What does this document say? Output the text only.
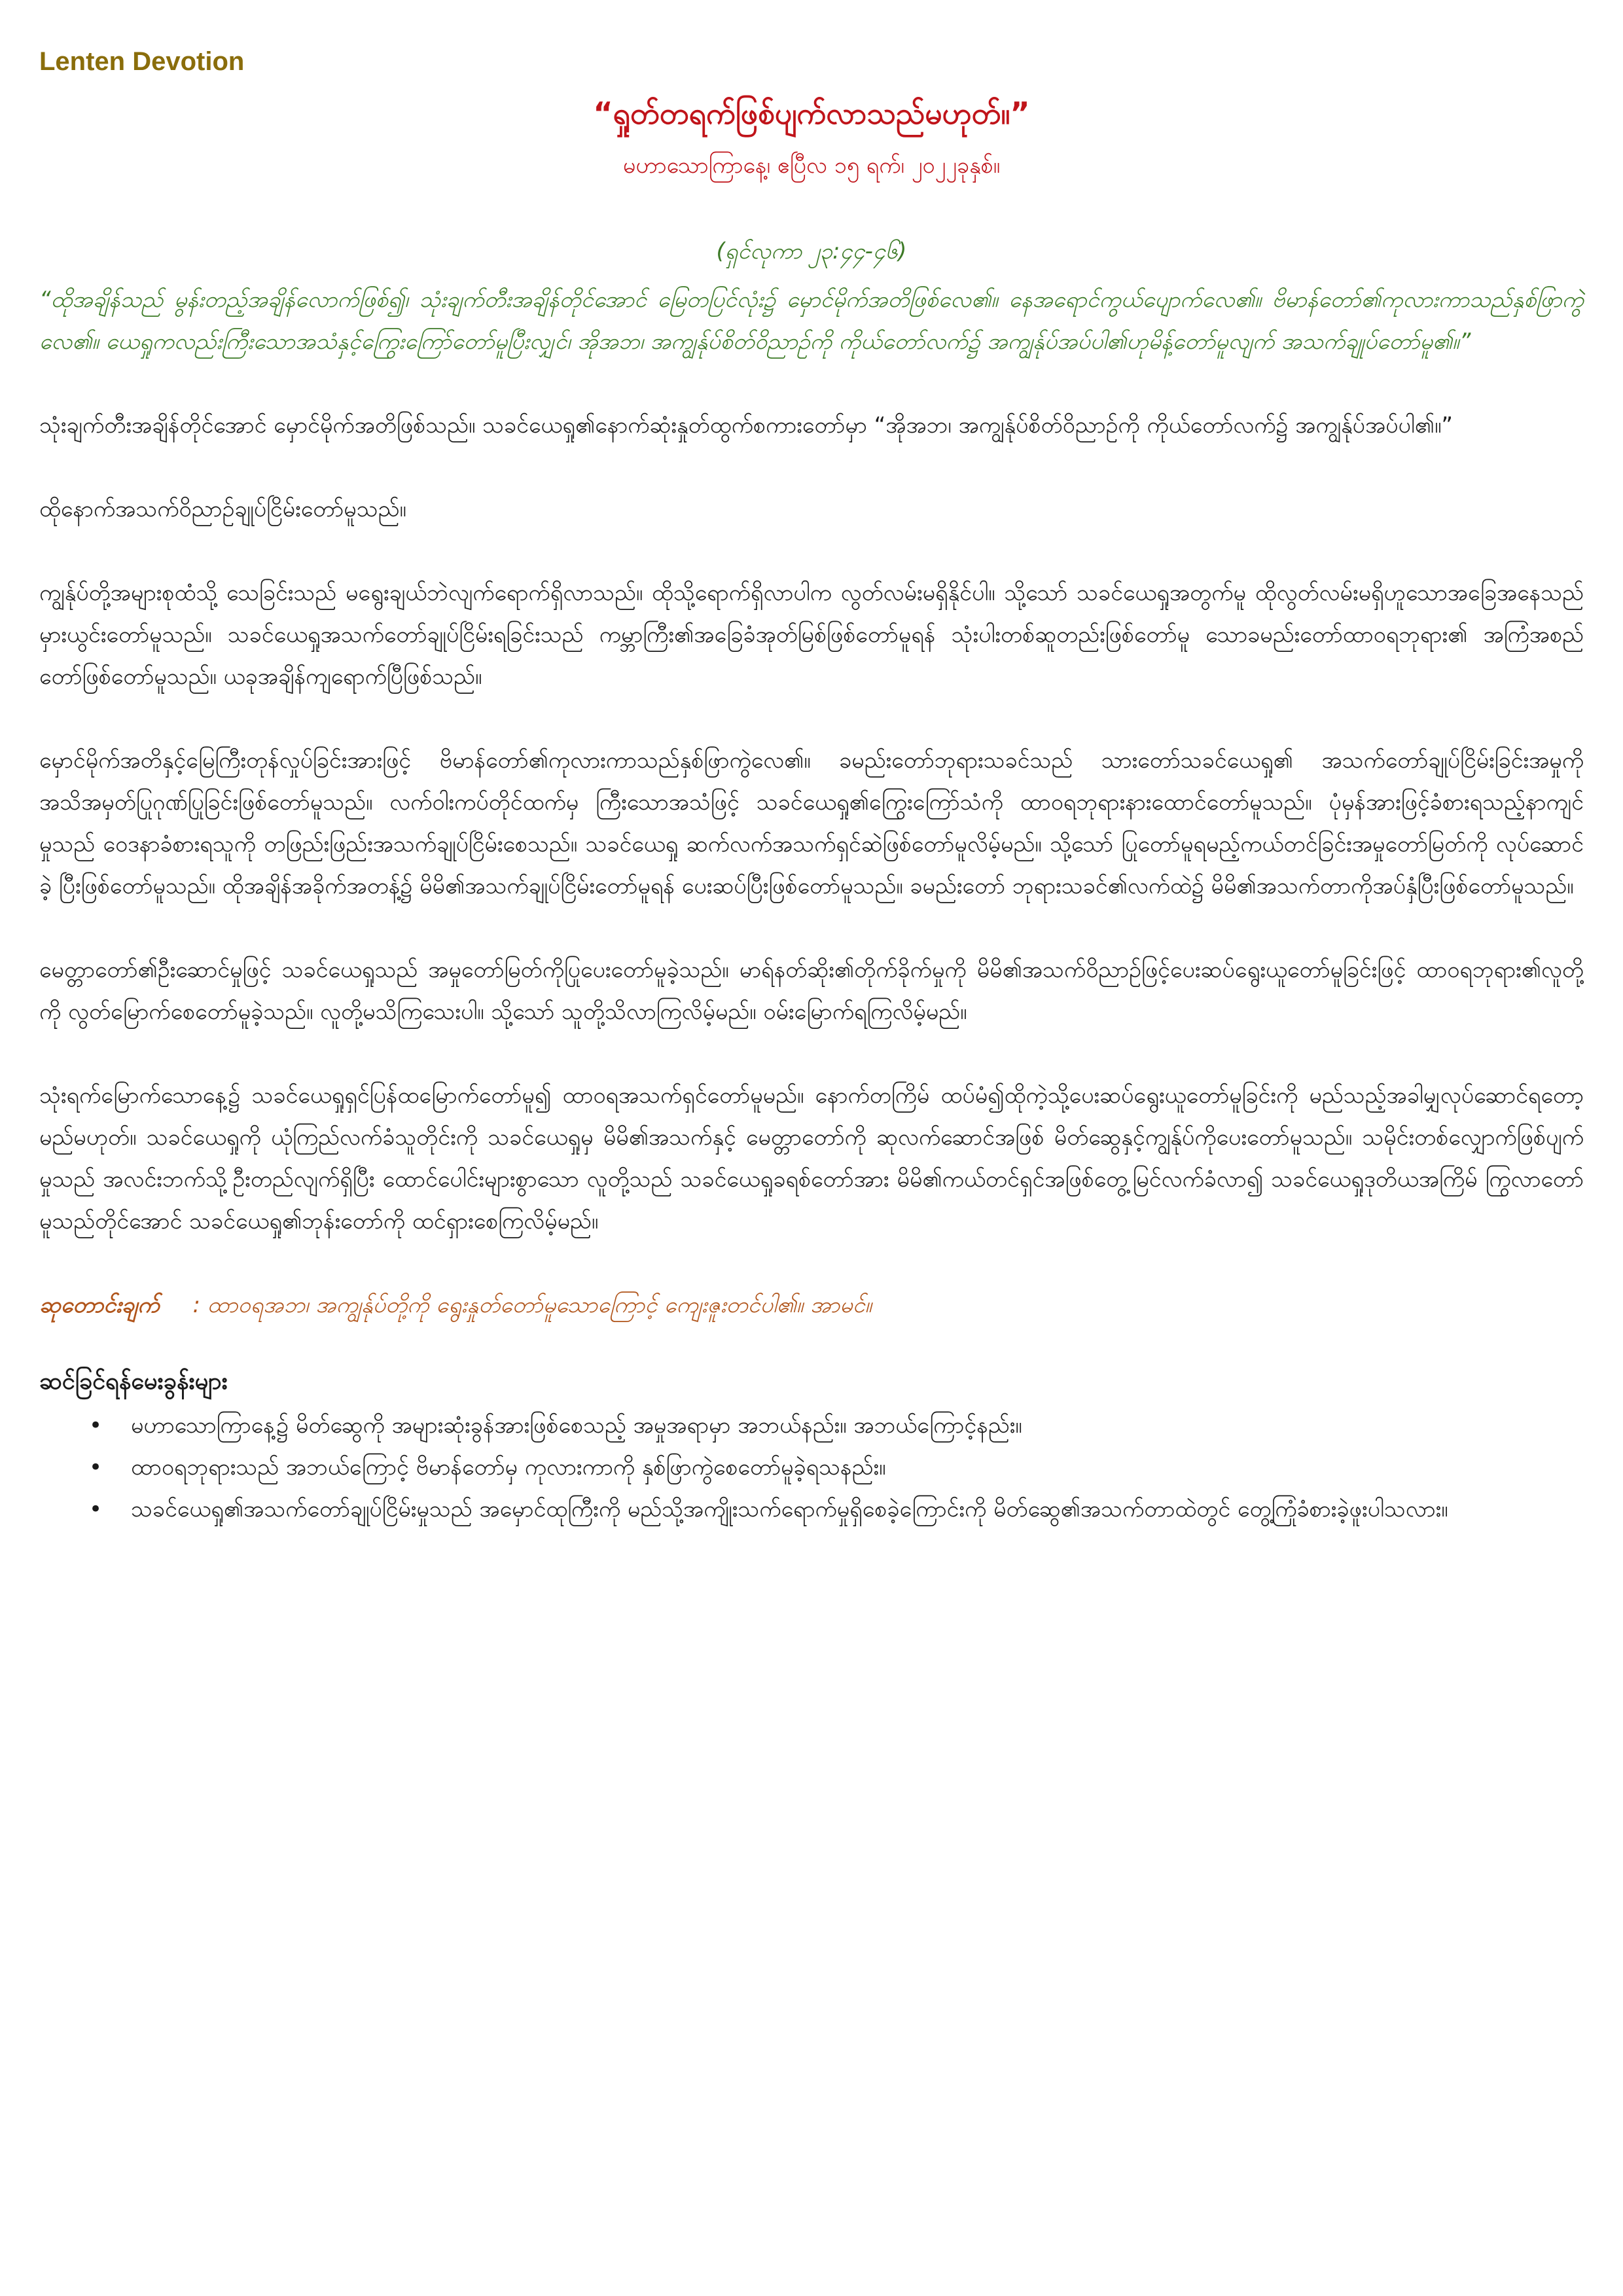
Lenten Devotion
“ရှုတ်တရက်ဖြစ်ပျက်လာသည်မဟုတ်။”
မဟာသောကြာနေ့၊ ဧပြီလ ၁၅ ရက်၊ ၂၀၂၂ခုနှစ်။
(ရှင်လုကာ ၂၃:၄၄-၄၆)
“ထိုအချိန်သည် မွန်းတည့်အချိန်လောက်ဖြစ်၍၊ သုံးချက်တီးအချိန်တိုင်အောင် မြေတပြင်လုံး၌ မှောင်မိုက်အတိဖြစ်လေ၏။ နေအရောင်ကွယ်ပျောက်လေ၏။ ဗိမာန်တော်၏ကုလားကာသည်နှစ်ဖြာကွဲလေ၏။ ယေရှုကလည်းကြီးသောအသံနှင့်ကြွေးကြော်တော်မူပြီးလျှင်၊ အိုအဘ၊ အကျွန်ုပ်စိတ်ဝိညာဉ်ကို ကိုယ်တော်လက်၌ အကျွန်ုပ်အပ်ပါ၏ဟုမိန့်တော်မူလျက် အသက်ချုပ်တော်မူ၏။”
သုံးချက်တီးအချိန်တိုင်အောင် မှောင်မိုက်အတိဖြစ်သည်။ သခင်ယေရှု၏နောက်ဆုံးနှုတ်ထွက်စကားတော်မှာ “အိုအဘ၊ အကျွန်ုပ်စိတ်ဝိညာဉ်ကို ကိုယ်တော်လက်၌ အကျွန်ုပ်အပ်ပါ၏။”
ထိုနောက်အသက်ဝိညာဉ်ချုပ်ငြိမ်းတော်မူသည်။
ကျွန်ုပ်တို့အများစုထံသို့ သေခြင်းသည် မရွေးချယ်ဘဲလျက်ရောက်ရှိလာသည်။ ထိုသို့ရောက်ရှိလာပါက လွတ်လမ်းမရှိနိုင်ပါ။ သို့သော် သခင်ယေရှုအတွက်မူ ထိုလွတ်လမ်းမရှိဟူသောအခြေအနေသည် မှားယွင်းတော်မူသည်။ သခင်ယေရှုအသက်တော်ချုပ်ငြိမ်းရခြင်းသည် ကမ္ဘာကြီး၏အခြေခံအုတ်မြစ်ဖြစ်တော်မူရန် သုံးပါးတစ်ဆူတည်းဖြစ်တော်မူ သောခမည်းတော်ထာဝရဘုရား၏ အကြံအစည်တော်ဖြစ်တော်မူသည်။ ယခုအချိန်ကျရောက်ပြီဖြစ်သည်။
မှောင်မိုက်အတိနှင့်မြေကြီးတုန်လှုပ်ခြင်းအားဖြင့် ဗိမာန်တော်၏ကုလားကာသည်နှစ်ဖြာကွဲလေ၏။ ခမည်းတော်ဘုရားသခင်သည် သားတော်သခင်ယေရှု၏ အသက်တော်ချုပ်ငြိမ်းခြင်းအမှုကို အသိအမှတ်ပြုဂုဏ်ပြုခြင်းဖြစ်တော်မူသည်။ လက်ဝါးကပ်တိုင်ထက်မှ ကြီးသောအသံဖြင့် သခင်ယေရှု၏ကြွေးကြော်သံကို ထာဝရဘုရားနားထောင်တော်မူသည်။ ပုံမှန်အားဖြင့်ခံစားရသည့်နာကျင်မှုသည် ဝေဒနာခံစားရသူကို တဖြည်းဖြည်းအသက်ချုပ်ငြိမ်းစေသည်။ သခင်ယေရှု ဆက်လက်အသက်ရှင်ဆဲဖြစ်တော်မူလိမ့်မည်။ သို့သော် ပြုတော်မူရမည့်ကယ်တင်ခြင်းအမှုတော်မြတ်ကို လုပ်ဆောင်ခဲ့ ပြီးဖြစ်တော်မူသည်။ ထိုအချိန်အခိုက်အတန့်၌ မိမိ၏အသက်ချုပ်ငြိမ်းတော်မူရန် ပေးဆပ်ပြီးဖြစ်တော်မူသည်။ ခမည်းတော် ဘုရားသခင်၏လက်ထဲ၌ မိမိ၏အသက်တာကိုအပ်နှံပြီးဖြစ်တော်မူသည်။
မေတ္တာတော်၏ဦးဆောင်မှုဖြင့် သခင်ယေရှုသည် အမှုတော်မြတ်ကိုပြုပေးတော်မူခဲ့သည်။ မာရ်နတ်ဆိုး၏တိုက်ခိုက်မှုကို မိမိ၏အသက်ဝိညာဉ်ဖြင့်ပေးဆပ်ရွေးယူတော်မူခြင်းဖြင့် ထာဝရဘုရား၏လူတို့ကို လွတ်မြောက်စေတော်မူခဲ့သည်။ လူတို့မသိကြသေးပါ။ သို့သော် သူတို့သိလာကြလိမ့်မည်။ ဝမ်းမြောက်ရကြလိမ့်မည်။
သုံးရက်မြောက်သောနေ့၌ သခင်ယေရှုရှင်ပြန်ထမြောက်တော်မူ၍ ထာဝရအသက်ရှင်တော်မူမည်။ နောက်တကြိမ် ထပ်မံ၍ထိုကဲ့သို့ပေးဆပ်ရွေးယူတော်မူခြင်းကို မည်သည့်အခါမျှလုပ်ဆောင်ရတော့မည်မဟုတ်။ သခင်ယေရှုကို ယုံကြည်လက်ခံသူတိုင်းကို သခင်ယေရှုမှ မိမိ၏အသက်နှင့် မေတ္တာတော်ကို ဆုလက်ဆောင်အဖြစ် မိတ်ဆွေနှင့်ကျွန်ုပ်ကိုပေးတော်မူသည်။ သမိုင်းတစ်လျှောက်ဖြစ်ပျက်မှုသည် အလင်းဘက်သို့ဦးတည်လျက်ရှိပြီး ထောင်ပေါင်းများစွာသော လူတို့သည် သခင်ယေရှုခရစ်တော်အား မိမိ၏ကယ်တင်ရှင်အဖြစ်တွေ့မြင်လက်ခံလာ၍ သခင်ယေရှုဒုတိယအကြိမ် ကြွလာတော်မူသည်တိုင်အောင် သခင်ယေရှု၏ဘုန်းတော်ကို ထင်ရှားစေကြလိမ့်မည်။
ဆုတောင်းချက် : ထာဝရအဘ၊ အကျွန်ုပ်တို့ကို ရွေးနှုတ်တော်မူသောကြောင့် ကျေးဇူးတင်ပါ၏။ အာမင်။
ဆင်ခြင်ရန်မေးခွန်းများ
• မဟာသောကြာနေ့၌ မိတ်ဆွေကို အများဆုံးခွန်အားဖြစ်စေသည့် အမှုအရာမှာ အဘယ်နည်း။ အဘယ်ကြောင့်နည်း။
• ထာဝရဘုရားသည် အဘယ်ကြောင့် ဗိမာန်တော်မှ ကုလားကာကို နှစ်ဖြာကွဲစေတော်မူခဲ့ရသနည်း။
• သခင်ယေရှု၏အသက်တော်ချုပ်ငြိမ်းမှုသည် အမှောင်ထုကြီးကို မည်သို့အကျိုးသက်ရောက်မှုရှိစေခဲ့ကြောင်းကို မိတ်ဆွေ၏အသက်တာထဲတွင် တွေ့ကြုံခံစားခဲ့ဖူးပါသလား။
